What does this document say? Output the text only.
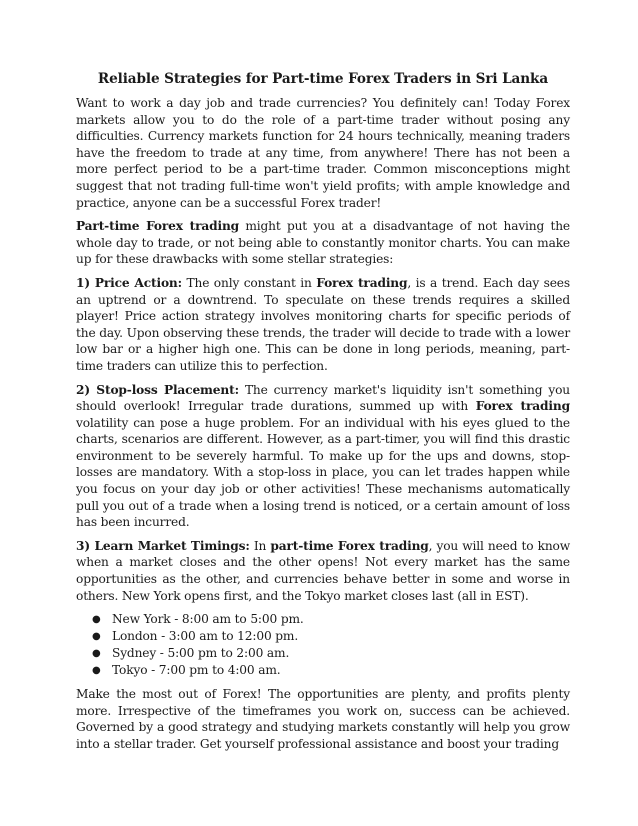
Reliable Strategies for Part-time Forex Traders in Sri Lanka

Want to work a day job and trade currencies? You definitely can! Today Forex markets allow you to do the role of a part-time trader without posing any difficulties. Currency markets function for 24 hours technically, meaning traders have the freedom to trade at any time, from anywhere! There has not been a more perfect period to be a part-time trader. Common misconceptions might suggest that not trading full-time won't yield profits; with ample knowledge and practice, anyone can be a successful Forex trader!

Part-time Forex trading might put you at a disadvantage of not having the whole day to trade, or not being able to constantly monitor charts. You can make up for these drawbacks with some stellar strategies:

1) Price Action: The only constant in Forex trading, is a trend. Each day sees an uptrend or a downtrend. To speculate on these trends requires a skilled player! Price action strategy involves monitoring charts for specific periods of the day. Upon observing these trends, the trader will decide to trade with a lower low bar or a higher high one. This can be done in long periods, meaning, part-time traders can utilize this to perfection.

2) Stop-loss Placement: The currency market's liquidity isn't something you should overlook! Irregular trade durations, summed up with Forex trading volatility can pose a huge problem. For an individual with his eyes glued to the charts, scenarios are different. However, as a part-timer, you will find this drastic environment to be severely harmful. To make up for the ups and downs, stop-losses are mandatory. With a stop-loss in place, you can let trades happen while you focus on your day job or other activities! These mechanisms automatically pull you out of a trade when a losing trend is noticed, or a certain amount of loss has been incurred.

3) Learn Market Timings: In part-time Forex trading, you will need to know when a market closes and the other opens! Not every market has the same opportunities as the other, and currencies behave better in some and worse in others. New York opens first, and the Tokyo market closes last (all in EST).

● New York - 8:00 am to 5:00 pm.
● London - 3:00 am to 12:00 pm.
● Sydney - 5:00 pm to 2:00 am.
● Tokyo - 7:00 pm to 4:00 am.

Make the most out of Forex! The opportunities are plenty, and profits plenty more. Irrespective of the timeframes you work on, success can be achieved. Governed by a good strategy and studying markets constantly will help you grow into a stellar trader. Get yourself professional assistance and boost your trading
